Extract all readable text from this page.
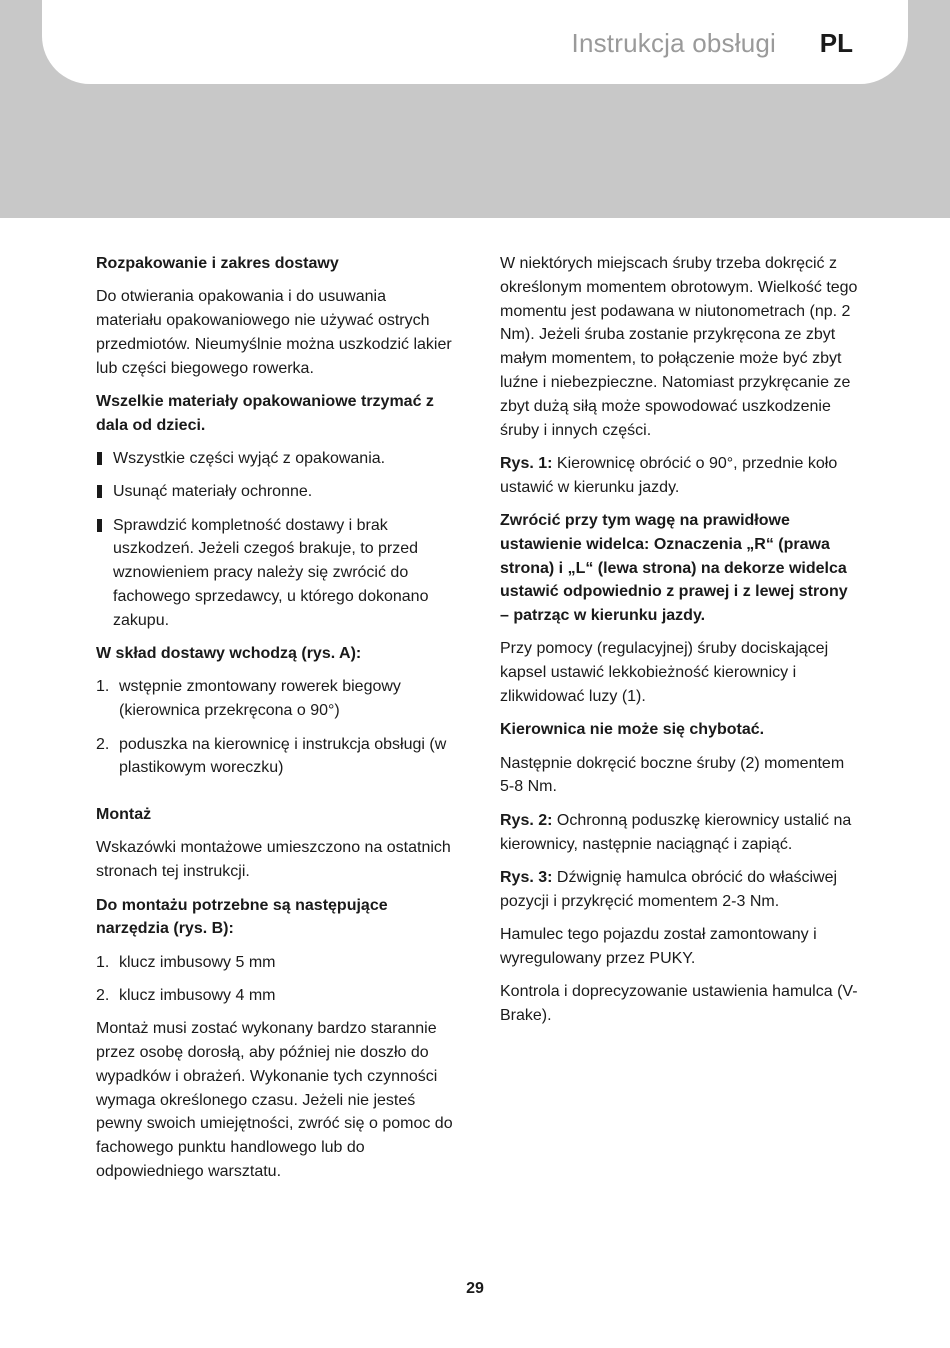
Instrukcja obsługi PL
Rozpakowanie i zakres dostawy

Do otwierania opakowania i do usuwania materiału opakowaniowego nie używać ostrych przedmiotów. Nieumyślnie można uszkodzić lakier lub części biegowego rowerka.

Wszelkie materiały opakowaniowe trzymać z dala od dzieci.

Wszystkie części wyjąć z opakowania.
Usunąć materiały ochronne.
Sprawdzić kompletność dostawy i brak uszkodzeń. Jeżeli czegoś brakuje, to przed wznowieniem pracy należy się zwrócić do fachowego sprzedawcy, u którego dokonano zakupu.

W skład dostawy wchodzą (rys. A):

1. wstępnie zmontowany rowerek biegowy (kierownica przekręcona o 90°)
2. poduszka na kierownicę i instrukcja obsługi (w plastikowym woreczku)
Montaż

Wskazówki montażowe umieszczono na ostatnich stronach tej instrukcji.

Do montażu potrzebne są następujące narzędzia (rys. B):

1. klucz imbusowy 5 mm
2. klucz imbusowy 4 mm

Montaż musi zostać wykonany bardzo starannie przez osobę dorosłą, aby później nie doszło do wypadków i obrażeń. Wykonanie tych czynności wymaga określonego czasu. Jeżeli nie jesteś pewny swoich umiejętności, zwróć się o pomoc do fachowego punktu handlowego lub do odpowiedniego warsztatu.

W niektórych miejscach śruby trzeba dokręcić z określonym momentem obrotowym. Wielkość tego momentu jest podawana w niutonometrach (np. 2 Nm). Jeżeli śruba zostanie przykręcona ze zbyt małym momentem, to połączenie może być zbyt luźne i niebezpieczne. Natomiast przykręcanie ze zbyt dużą siłą może spowodować uszkodzenie śruby i innych części.

Rys. 1: Kierownicę obrócić o 90°, przednie koło ustawić w kierunku jazdy.

Zwrócić przy tym wagę na prawidłowe ustawienie widelca: Oznaczenia „R“ (prawa strona) i „L“ (lewa strona) na dekorze widelca ustawić odpowiednio z prawej i z lewej strony – patrząc w kierunku jazdy.

Przy pomocy (regulacyjnej) śruby dociskającej kapsel ustawić lekkobieżność kierownicy i zlikwidować luzy (1).

Kierownica nie może się chybotać.

Następnie dokręcić boczne śruby (2) momentem 5-8 Nm.

Rys. 2: Ochronną poduszkę kierownicy ustalić na kierownicy, następnie naciągnąć i zapiąć.

Rys. 3: Dźwignię hamulca obrócić do właściwej pozycji i przykręcić momentem 2-3 Nm.

Hamulec tego pojazdu został zamontowany i wyregulowany przez PUKY.

Kontrola i doprecyzowanie ustawienia hamulca (V-Brake).

29
